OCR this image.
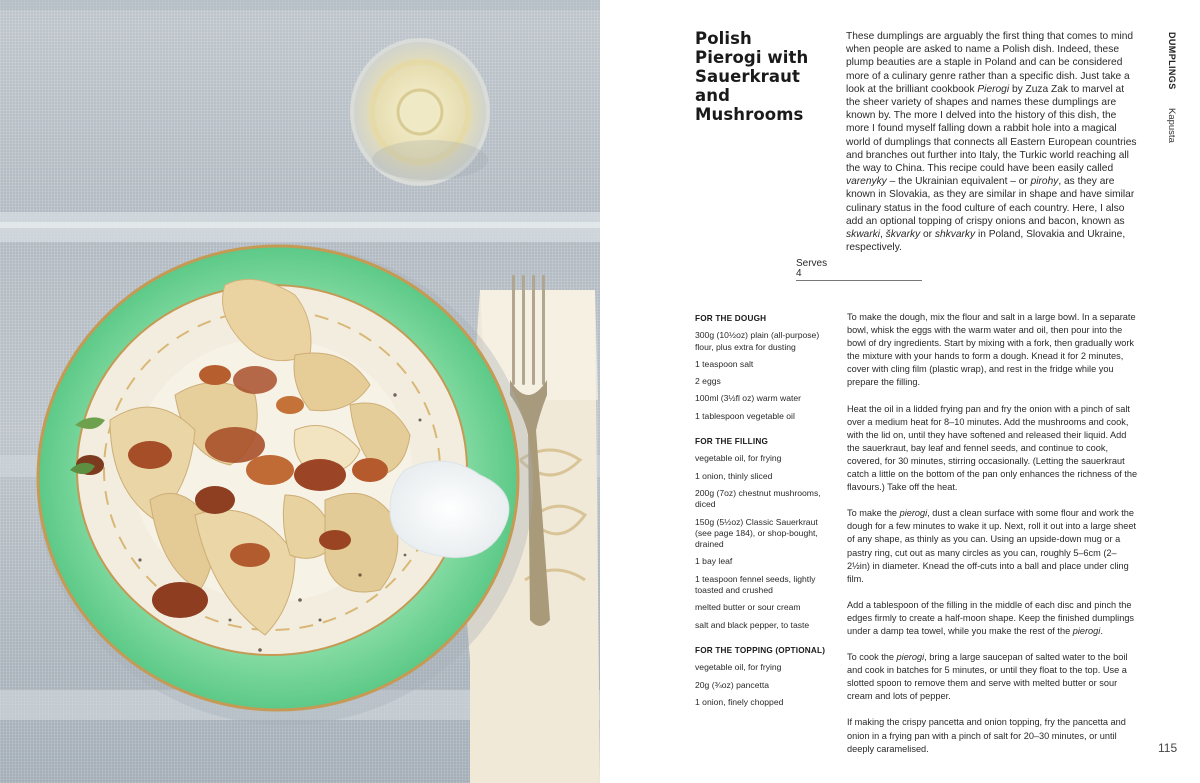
Polish
Pierogi with
Sauerkraut
and
Mushrooms
These dumplings are arguably the first thing that comes to mind when people are asked to name a Polish dish. Indeed, these plump beauties are a staple in Poland and can be considered more of a culinary genre rather than a specific dish. Just take a look at the brilliant cookbook Pierogi by Zuza Zak to marvel at the sheer variety of shapes and names these dumplings are known by. The more I delved into the history of this dish, the more I found myself falling down a rabbit hole into a magical world of dumplings that connects all Eastern European countries and branches out further into Italy, the Turkic world reaching all the way to China. This recipe could have been easily called varenyky – the Ukrainian equivalent – or pirohy, as they are known in Slovakia, as they are similar in shape and have similar culinary status in the food culture of each country. Here, I also add an optional topping of crispy onions and bacon, known as skwarki, škvarky or shkvarky in Poland, Slovakia and Ukraine, respectively.
DUMPLINGS
Kapusta
Serves
4
FOR THE DOUGH
300g (10½oz) plain (all-purpose) flour, plus extra for dusting
1 teaspoon salt
2 eggs
100ml (3½fl oz) warm water
1 tablespoon vegetable oil
FOR THE FILLING
vegetable oil, for frying
1 onion, thinly sliced
200g (7oz) chestnut mushrooms, diced
150g (5½oz) Classic Sauerkraut (see page 184), or shop-bought, drained
1 bay leaf
1 teaspoon fennel seeds, lightly toasted and crushed
melted butter or sour cream
salt and black pepper, to taste
FOR THE TOPPING (OPTIONAL)
vegetable oil, for frying
20g (¾oz) pancetta
1 onion, finely chopped

To make the dough, mix the flour and salt in a large bowl. In a separate bowl, whisk the eggs with the warm water and oil, then pour into the bowl of dry ingredients. Start by mixing with a fork, then gradually work the mixture with your hands to form a dough. Knead it for 2 minutes, cover with cling film (plastic wrap), and rest in the fridge while you prepare the filling.

Heat the oil in a lidded frying pan and fry the onion with a pinch of salt over a medium heat for 8–10 minutes. Add the mushrooms and cook, with the lid on, until they have softened and released their liquid. Add the sauerkraut, bay leaf and fennel seeds, and continue to cook, covered, for 30 minutes, stirring occasionally. (Letting the sauerkraut catch a little on the bottom of the pan only enhances the richness of the flavours.) Take off the heat.

To make the pierogi, dust a clean surface with some flour and work the dough for a few minutes to wake it up. Next, roll it out into a large sheet of any shape, as thinly as you can. Using an upside-down mug or a pastry ring, cut out as many circles as you can, roughly 5–6cm (2–2½in) in diameter. Knead the off-cuts into a ball and place under cling film.

Add a tablespoon of the filling in the middle of each disc and pinch the edges firmly to create a half-moon shape. Keep the finished dumplings under a damp tea towel, while you make the rest of the pierogi.

To cook the pierogi, bring a large saucepan of salted water to the boil and cook in batches for 5 minutes, or until they float to the top. Use a slotted spoon to remove them and serve with melted butter or sour cream and lots of pepper.

If making the crispy pancetta and onion topping, fry the pancetta and onion in a frying pan with a pinch of salt for 20–30 minutes, or until deeply caramelised.	115
